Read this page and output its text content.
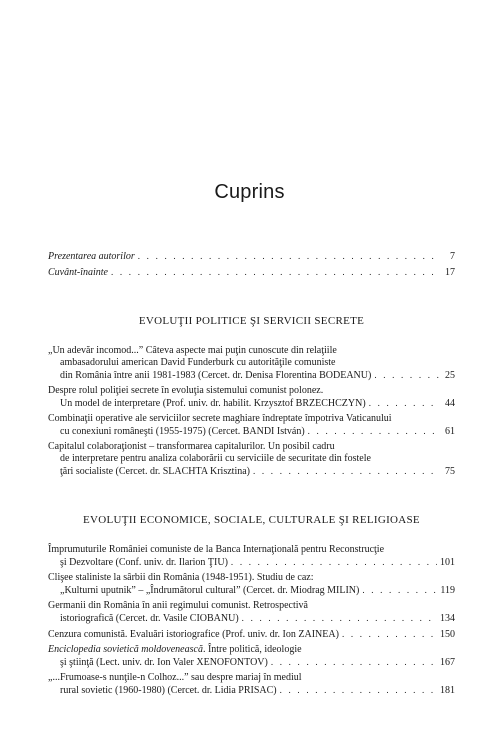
Cuprins
Prezentarea autorilor . . .	7
Cuvânt-înainte . . .	17
EVOLUŢII POLITICE ŞI SERVICII SECRETE
„Un adevăr incomod...” Câteva aspecte mai puţin cunoscute din relaţiile
ambasadorului american David Funderburk cu autorităţile comuniste
din România între anii 1981-1983 (Cercet. dr. Denisa Florentina BODEANU) . . .	25
Despre rolul poliţiei secrete în evoluţia sistemului comunist polonez.
Un model de interpretare (Prof. univ. dr. habilit. Krzysztof BRZECHCZYN) . . .	44
Combinaţii operative ale serviciilor secrete maghiare îndreptate împotriva Vaticanului
cu conexiuni româneşti (1955-1975) (Cercet. BANDI István) . . .	61
Capitalul colaboraţionist – transformarea capitalurilor. Un posibil cadru
de interpretare pentru analiza colaborării cu serviciile de securitate din fostele
ţări socialiste (Cercet. dr. SLACHTA Krisztina) . . .	75
EVOLUŢII ECONOMICE, SOCIALE, CULTURALE ŞI RELIGIOASE
Împrumuturile României comuniste de la Banca Internaţională pentru Reconstrucţie
şi Dezvoltare (Conf. univ. dr. Ilarion ŢIU) . . .	101
Clişee staliniste la sârbii din România (1948-1951). Studiu de caz:
„Kulturni uputnik” – „Îndrumătorul cultural” (Cercet. dr. Miodrag MILIN) . . .	119
Germanii din România în anii regimului comunist. Retrospectivă
istoriografică (Cercet. dr. Vasile CIOBANU) . . .	134
Cenzura comunistă. Evaluări istoriografice (Prof. univ. dr. Ion ZAINEA) . . .	150
Enciclopedia sovietică moldovenească. Între politică, ideologie
şi ştiinţă (Lect. univ. dr. Ion Valer XENOFONTOV) . . .	167
„...Frumoase-s nunţile-n Colhoz...” sau despre mariaj în mediul
rural sovietic (1960-1980) (Cercet. dr. Lidia PRISAC) . . .	181
